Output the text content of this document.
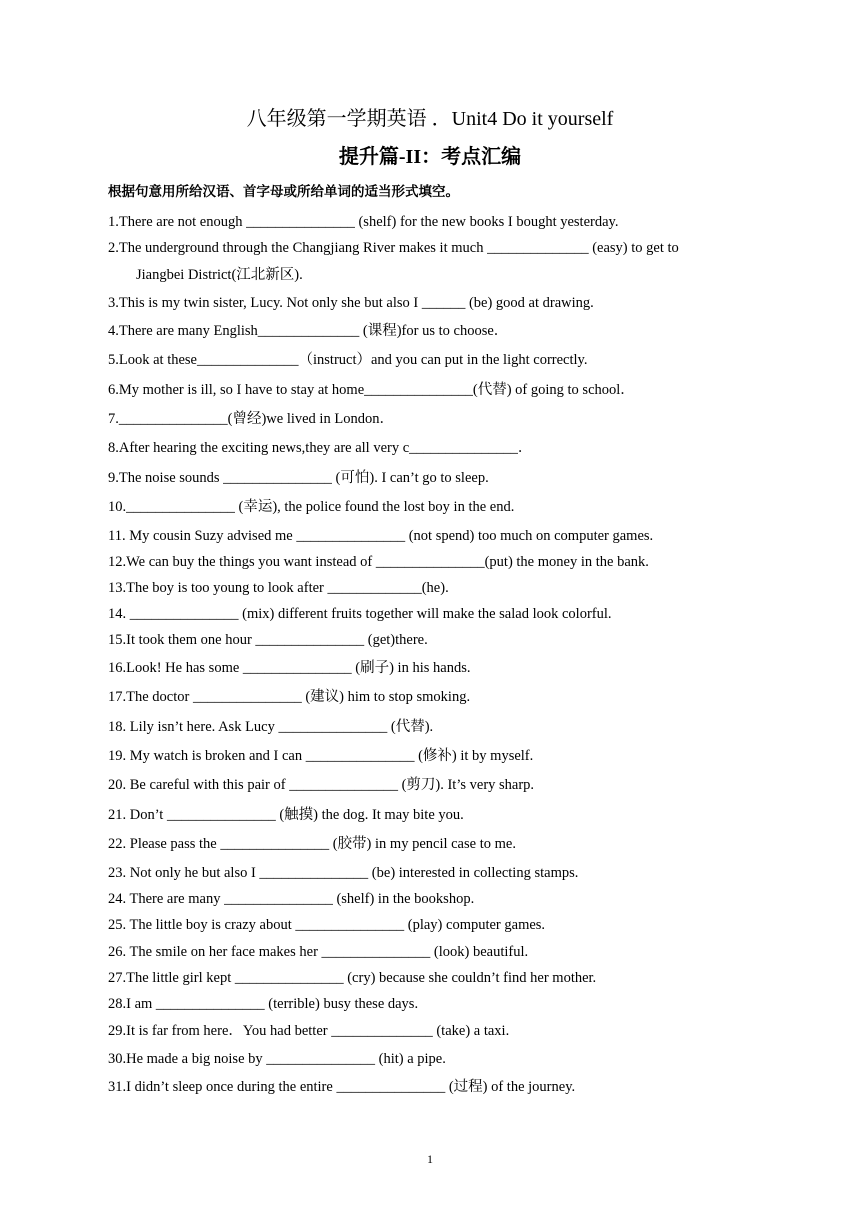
八年级第一学期英语 ．Unit4 Do it yourself
提升篇-II：考点汇编
根据句意用所给汉语、首字母或所给单词的适当形式填空。
1.There are not enough _______________ (shelf) for the new books I bought yesterday.
2.The underground through the Changjiang River makes it much ______________ (easy) to get to
Jiangbei District(江北新区).
3.This is my twin sister, Lucy. Not only she but also I ______ (be) good at drawing.
4.There are many English______________ (课程)for us to choose．
5.Look at these______________（instruct）and you can put in the light correctly.
6.My mother is ill, so I have to stay at home_______________(代替) of going to school．
7._______________(曾经)we lived in London．
8.After hearing the exciting news,they are all very c_______________．
9.The noise sounds _______________ (可怕). I can’t go to sleep.
10._______________ (幸运), the police found the lost boy in the end.
11. My cousin Suzy advised me _______________ (not spend) too much on computer games.
12.We can buy the things you want instead of _______________(put) the money in the bank.
13.The boy is too young to look after _____________(he).
14. _______________ (mix) different fruits together will make the salad look colorful.
15.It took them one hour _______________ (get)there.
16.Look! He has some _______________ (刷子) in his hands.
17.The doctor _______________ (建议) him to stop smoking.
18. Lily isn’t here. Ask Lucy _______________ (代替).
19. My watch is broken and I can _______________ (修补) it by myself.
20. Be careful with this pair of _______________ (剪刀). It’s very sharp.
21. Don’t _______________ (触摸) the dog. It may bite you.
22. Please pass the _______________ (胶带) in my pencil case to me.
23. Not only he but also I _______________ (be) interested in collecting stamps.
24. There are many _______________ (shelf) in the bookshop.
25. The little boy is crazy about _______________ (play) computer games.
26. The smile on her face makes her _______________ (look) beautiful.
27.The little girl kept _______________ (cry) because she couldn’t find her mother.
28.I am _______________ (terrible) busy these days.
29.It is far from here．You had better ______________ (take) a taxi.
30.He made a big noise by _______________ (hit) a pipe.
31.I didn’t sleep once during the entire _______________ (过程) of the journey.
1
